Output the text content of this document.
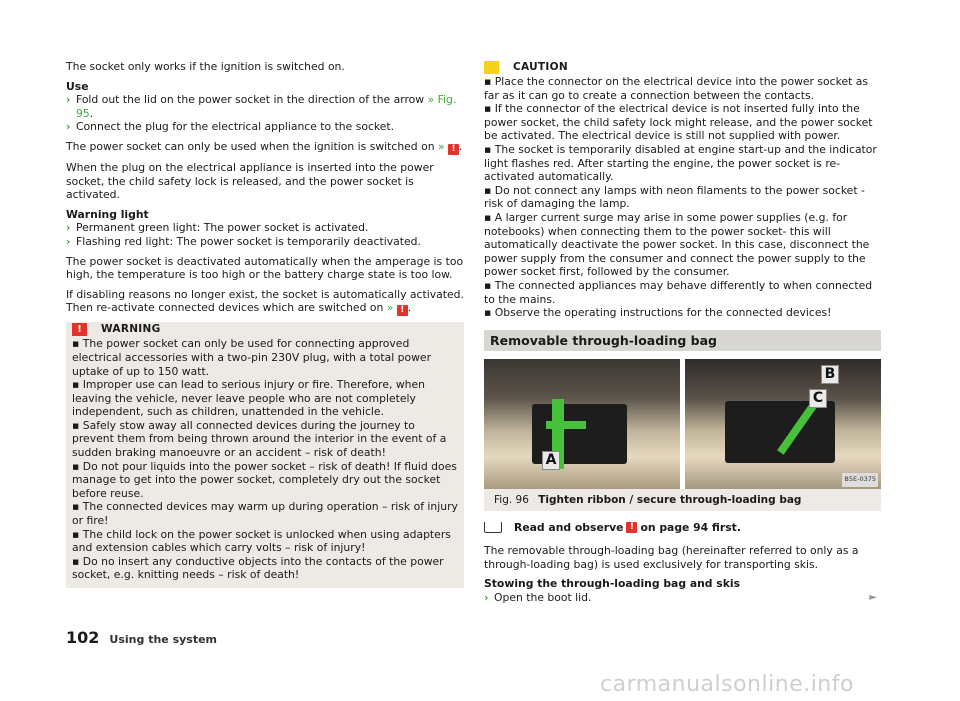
The socket only works if the ignition is switched on.

Use

› Fold out the lid on the power socket in the direction of the arrow » Fig. 95.
› Connect the plug for the electrical appliance to the socket.

The power socket can only be used when the ignition is switched on » ! .

When the plug on the electrical appliance is inserted into the power socket, the child safety lock is released, and the power socket is activated.

Warning light

› Permanent green light: The power socket is activated.
› Flashing red light: The power socket is temporarily deactivated.

The power socket is deactivated automatically when the amperage is too high, the temperature is too high or the battery charge state is too low.

If disabling reasons no longer exist, the socket is automatically activated. Then re-activate connected devices which are switched on » ! .

!	WARNING

▪ The power socket can only be used for connecting approved electrical accessories with a two-pin 230V plug, with a total power uptake of up to 150 watt.

▪ Improper use can lead to serious injury or fire. Therefore, when leaving the vehicle, never leave people who are not completely independent, such as children, unattended in the vehicle.

▪ Safely stow away all connected devices during the journey to prevent them from being thrown around the interior in the event of a sudden braking manoeuvre or an accident – risk of death!

▪ Do not pour liquids into the power socket – risk of death! If fluid does manage to get into the power socket, completely dry out the socket before reuse.

▪ The connected devices may warm up during operation – risk of injury or fire!

▪ The child lock on the power socket is unlocked when using adapters and extension cables which carry volts – risk of injury!

▪ Do no insert any conductive objects into the contacts of the power socket, e.g. knitting needs – risk of death!

CAUTION

▪ Place the connector on the electrical device into the power socket as far as it can go to create a connection between the contacts.

▪ If the connector of the electrical device is not inserted fully into the power socket, the child safety lock might release, and the power socket be activated. The electrical device is still not supplied with power.

▪ The socket is temporarily disabled at engine start-up and the indicator light flashes red. After starting the engine, the power socket is re-activated automatically.

▪ Do not connect any lamps with neon filaments to the power socket - risk of damaging the lamp.

▪ A larger current surge may arise in some power supplies (e.g. for notebooks) when connecting them to the power socket- this will automatically deactivate the power socket. In this case, disconnect the power supply from the consumer and connect the power supply to the power socket first, followed by the consumer.

▪ The connected appliances may behave differently to when connected to the mains.

▪ Observe the operating instructions for the connected devices!

Removable through-loading bag
A
B
C
B5E-0375
Fig. 96 Tighten ribbon / secure through-loading bag
Read and observe ! on page 94 first.

The removable through-loading bag (hereinafter referred to only as a through-loading bag) is used exclusively for transporting skis.

Stowing the through-loading bag and skis

› Open the boot lid.	►
102 Using the system
carmanualsonline.info
